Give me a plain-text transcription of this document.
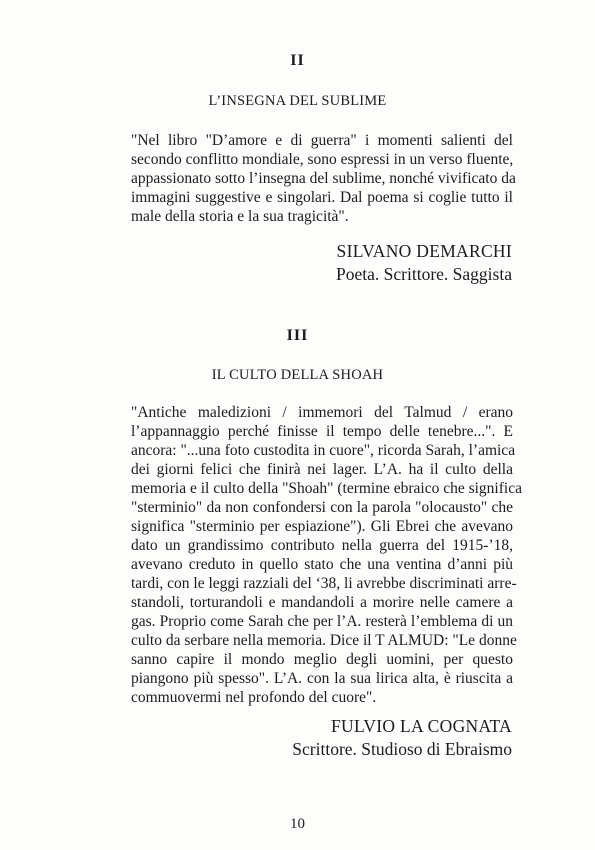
II
L’INSEGNA DEL SUBLIME

"Nel libro "D’amore e di guerra" i momenti salienti del
secondo conflitto mondiale, sono espressi in un verso fluente,
appassionato sotto l’insegna del sublime, nonché vivificato da
immagini suggestive e singolari. Dal poema si coglie tutto il
male della storia e la sua tragicità".

SILVANO DEMARCHI
Poeta. Scrittore. Saggista
III
IL CULTO DELLA SHOAH

"Antiche maledizioni / immemori del Talmud / erano
l’appannaggio perché finisse il tempo delle tenebre...". E
ancora: "...una foto custodita in cuore", ricorda Sarah, l’amica
dei giorni felici che finirà nei lager. L’A. ha il culto della
memoria e il culto della "Shoah" (termine ebraico che significa
"sterminio" da non confondersi con la parola "olocausto" che
significa "sterminio per espiazione"). Gli Ebrei che avevano
dato un grandissimo contributo nella guerra del 1915-’18,
avevano creduto in quello stato che una ventina d’anni più
tardi, con le leggi razziali del ‘38, li avrebbe discriminati arre-
standoli, torturandoli e mandandoli a morire nelle camere a
gas. Proprio come Sarah che per l’A. resterà l’emblema di un
culto da serbare nella memoria. Dice il T ALMUD: "Le donne
sanno capire il mondo meglio degli uomini, per questo
piangono più spesso". L’A. con la sua lirica alta, è riuscita a
commuovermi nel profondo del cuore".

FULVIO LA COGNATA
Scrittore. Studioso di Ebraismo
10
